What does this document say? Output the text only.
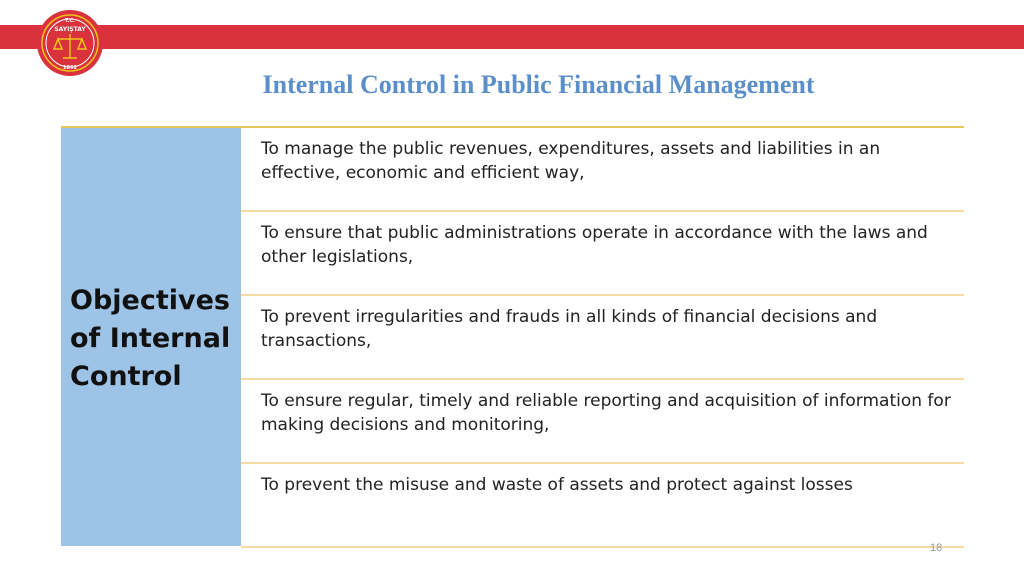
T.C.
SAYIŞTAY
1862
Internal Control in Public Financial Management
Objectives of Internal Control
To manage the public revenues, expenditures, assets and liabilities in an effective, economic and efficient way,
To ensure that public administrations operate in accordance with the laws and other legislations,
To prevent irregularities and frauds in all kinds of financial decisions and transactions,
To ensure regular, timely and reliable reporting and acquisition of information for making decisions and monitoring,
To prevent the misuse and waste of assets and protect against losses
18
